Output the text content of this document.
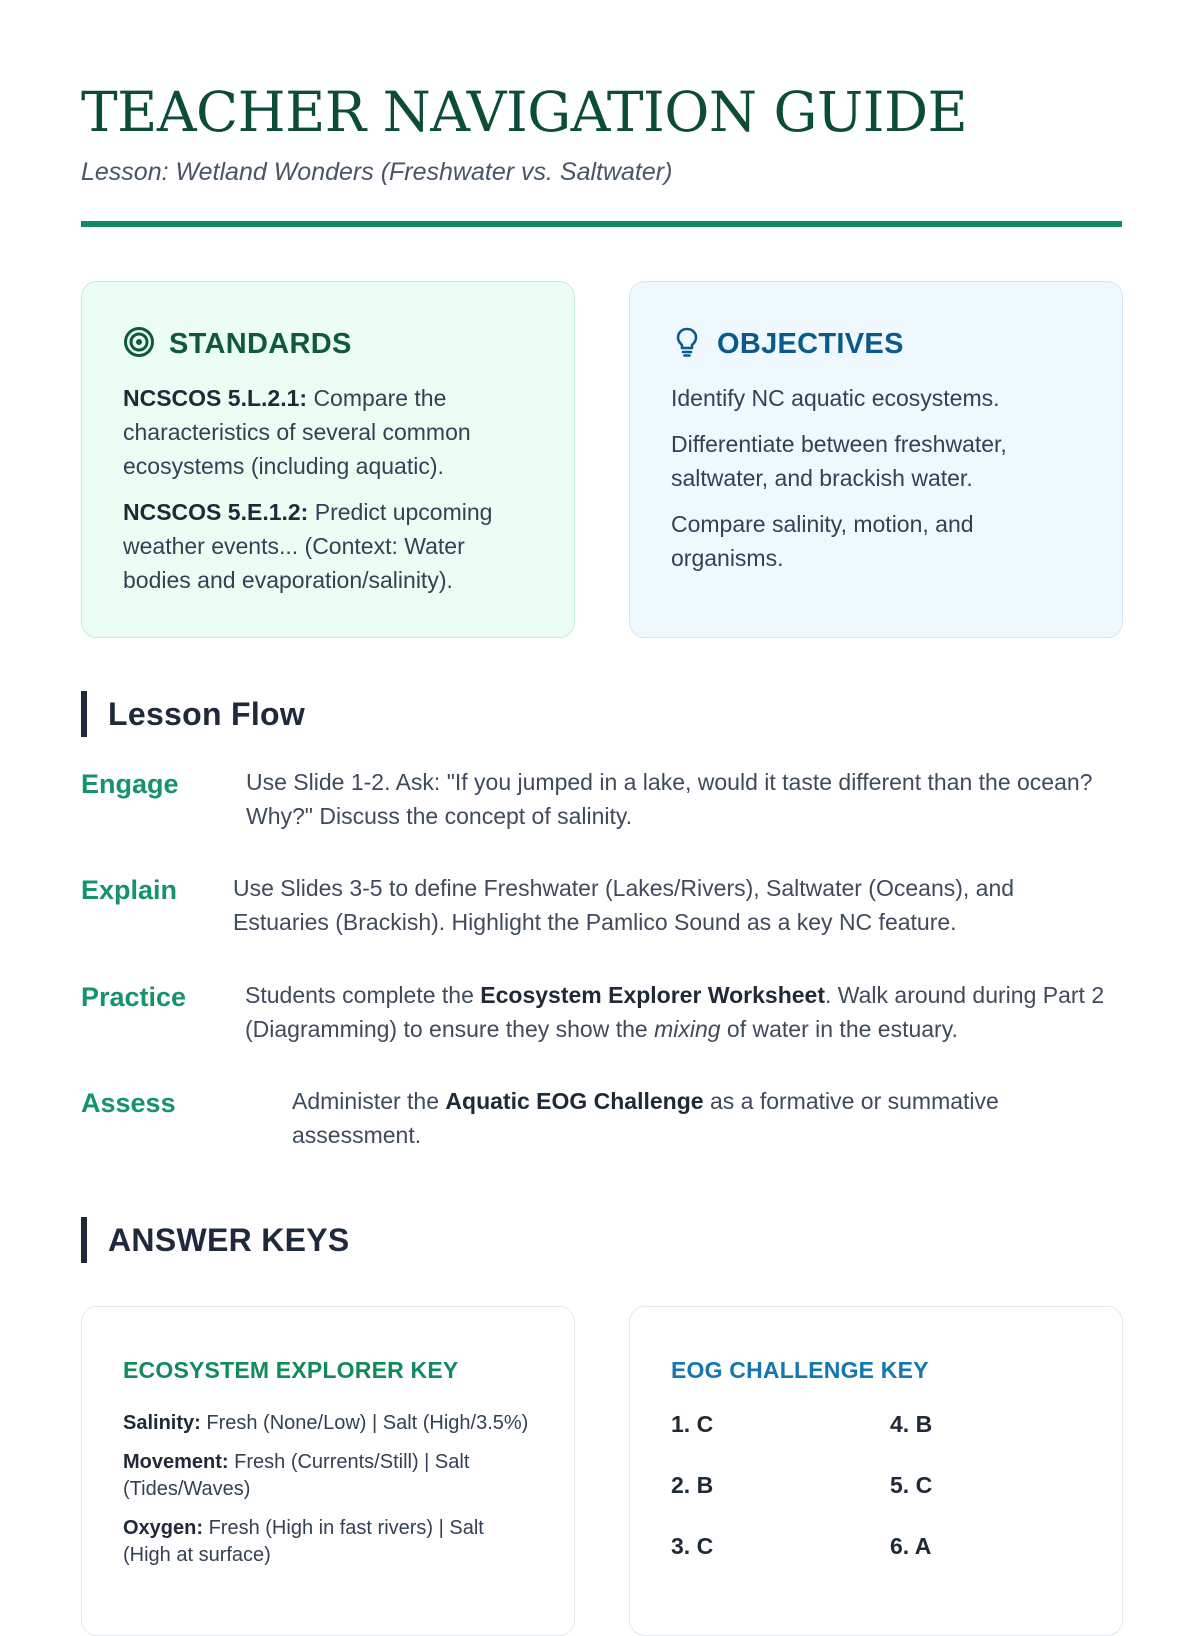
TEACHER NAVIGATION GUIDE
Lesson: Wetland Wonders (Freshwater vs. Saltwater)
STANDARDS

NCSCOS 5.L.2.1: Compare the characteristics of several common ecosystems (including aquatic).

NCSCOS 5.E.1.2: Predict upcoming weather events... (Context: Water bodies and evaporation/salinity).

OBJECTIVES

Identify NC aquatic ecosystems.

Differentiate between freshwater, saltwater, and brackish water.

Compare salinity, motion, and organisms.

Lesson Flow
Engage	Use Slide 1-2. Ask: "If you jumped in a lake, would it taste different than the ocean? Why?" Discuss the concept of salinity.
Explain Use Slides 3-5 to define Freshwater (Lakes/Rivers), Saltwater (Oceans), and Estuaries (Brackish). Highlight the Pamlico Sound as a key NC feature.
Practice	Students complete the Ecosystem Explorer Worksheet. Walk around during Part 2 (Diagramming) to ensure they show the mixing of water in the estuary.
Assess	Administer the Aquatic EOG Challenge as a formative or summative assessment.
ANSWER KEYS
ECOSYSTEM EXPLORER KEY

Salinity: Fresh (None/Low) | Salt (High/3.5%)

Movement: Fresh (Currents/Still) | Salt (Tides/Waves)

Oxygen: Fresh (High in fast rivers) | Salt (High at surface)

EOG CHALLENGE KEY
1. C	4. B
2. B	5. C
3. C	6. A
